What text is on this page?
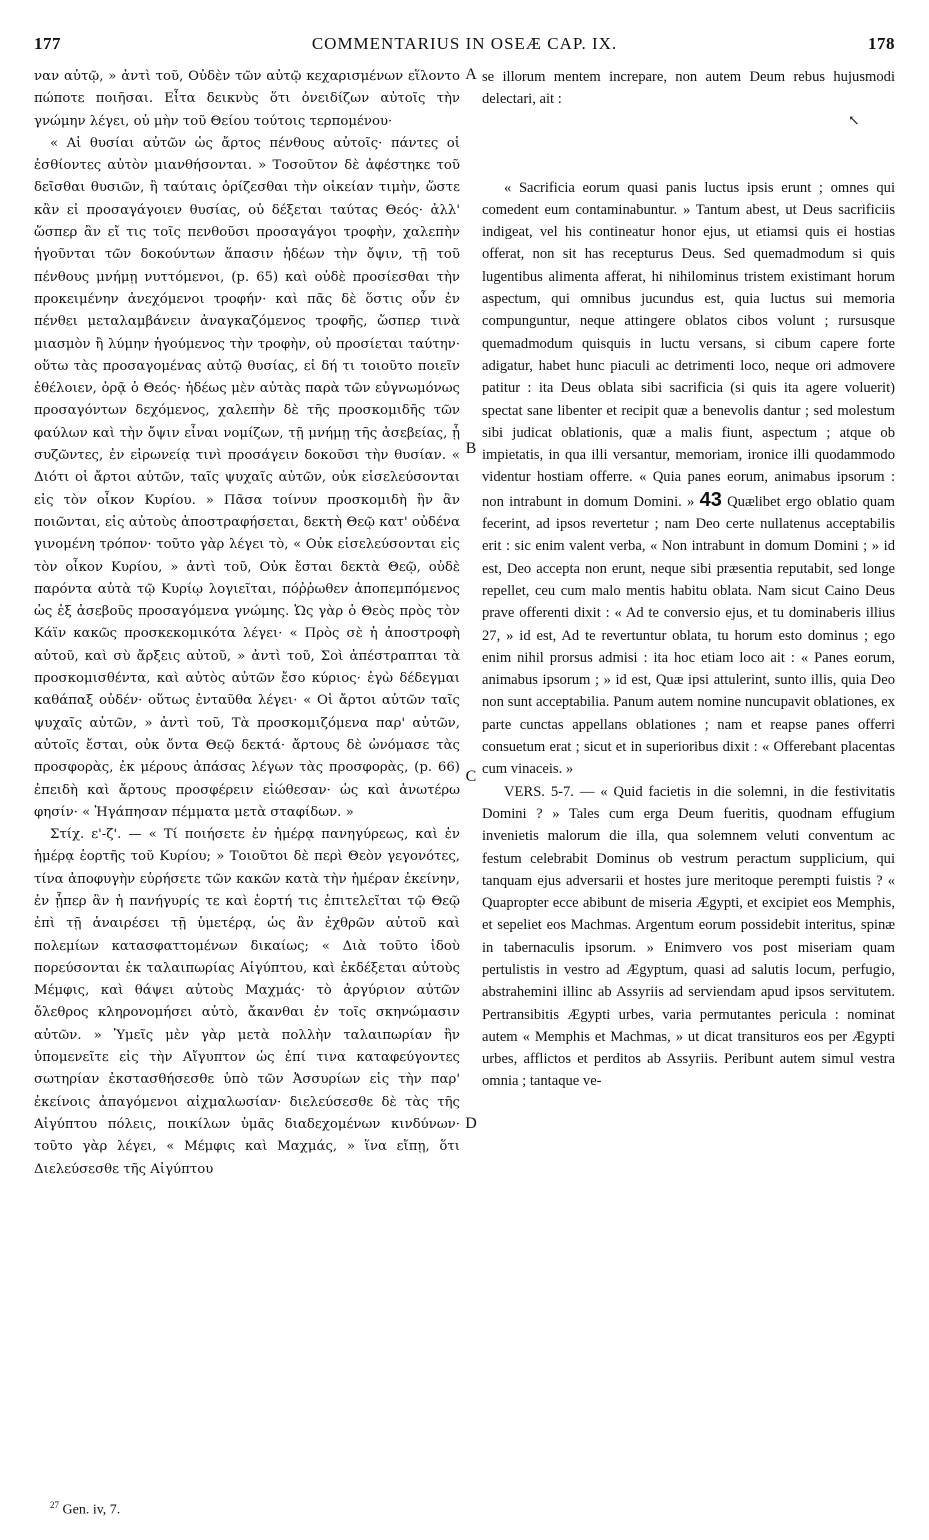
177	COMMENTARIUS IN OSEÆ CAP. IX.	178

ναν αὐτῷ, » ἀντὶ τοῦ, Οὐδὲν τῶν αὐτῷ κεχαρισμένων εἵλοντο πώποτε ποιῆσαι. Εἶτα δεικνὺς ὅτι ὀνειδίζων αὐτοῖς τὴν γνώμην λέγει, οὐ μὴν τοῦ Θείου τούτοις τερπομένου·

« Αἱ θυσίαι αὐτῶν ὡς ἄρτος πένθους αὐτοῖς· πάντες οἱ ἐσθίοντες αὐτὸν μιανθήσονται. » Τοσοῦτον δὲ ἀφέστηκε τοῦ δεῖσθαι θυσιῶν, ἢ ταύταις ὁρίζεσθαι τὴν οἰκείαν τιμὴν, ὥστε κἂν εἰ προσαγάγοιεν θυσίας, οὐ δέξεται ταύτας Θεός· ἀλλ' ὥσπερ ἂν εἴ τις τοῖς πενθοῦσι προσαγάγοι τροφὴν, χαλεπὴν ἡγοῦνται τῶν δοκούντων ἅπασιν ἡδέων τὴν ὄψιν, τῇ τοῦ πένθους μνήμῃ νυττόμενοι, (p. 65) καὶ οὐδὲ προσίεσθαι τὴν προκειμένην ἀνεχόμενοι τροφήν· καὶ πᾶς δὲ ὅστις οὖν ἐν πένθει μεταλαμβάνειν ἀναγκαζόμενος τροφῆς, ὥσπερ τινὰ μιασμὸν ἢ λύμην ἡγούμενος τὴν τροφὴν, οὐ προσίεται ταύτην· οὕτω τὰς προσαγομένας αὐτῷ θυσίας, εἰ δή τι τοιοῦτο ποιεῖν ἐθέλοιεν, ὁρᾷ ὁ Θεός· ἡδέως μὲν αὐτὰς παρὰ τῶν εὐγνωμόνως προσαγόντων δεχόμενος, χαλεπὴν δὲ τῆς προσκομιδῆς τῶν φαύλων καὶ τὴν ὄψιν εἶναι νομίζων, τῇ μνήμῃ τῆς ἀσεβείας, ᾗ συζῶντες, ἐν εἰρωνείᾳ τινὶ προσάγειν δοκοῦσι τὴν θυσίαν. « Διότι οἱ ἄρτοι αὐτῶν, ταῖς ψυχαῖς αὐτῶν, οὐκ εἰσελεύσονται εἰς τὸν οἶκον Κυρίου. » Πᾶσα τοίνυν προσκομιδὴ ἣν ἂν ποιῶνται, εἰς αὐτοὺς ἀποστραφήσεται, δεκτὴ Θεῷ κατ' οὐδένα γινομένη τρόπον· τοῦτο γὰρ λέγει τὸ, « Οὐκ εἰσελεύσονται εἰς τὸν οἶκον Κυρίου, » ἀντὶ τοῦ, Οὐκ ἔσται δεκτὰ Θεῷ, οὐδὲ παρόντα αὐτὰ τῷ Κυρίῳ λογιεῖται, πόῤῥωθεν ἀποπεμπόμενος ὡς ἐξ ἀσεβοῦς προσαγόμενα γνώμης. Ὡς γὰρ ὁ Θεὸς πρὸς τὸν Κάϊν κακῶς προσκεκομικότα λέγει· « Πρὸς σὲ ἡ ἀποστροφὴ αὐτοῦ, καὶ σὺ ἄρξεις αὐτοῦ, » ἀντὶ τοῦ, Σοὶ ἀπέστραπται τὰ προσκομισθέντα, καὶ αὐτὸς αὐτῶν ἔσο κύριος· ἐγὼ δέδεγμαι καθάπαξ οὐδέν· οὕτως ἐνταῦθα λέγει· « Οἱ ἄρτοι αὐτῶν ταῖς ψυχαῖς αὐτῶν, » ἀντὶ τοῦ, Τὰ προσκομιζόμενα παρ' αὐτῶν, αὐτοῖς ἔσται, οὐκ ὄντα Θεῷ δεκτά· ἄρτους δὲ ὠνόμασε τὰς προσφορὰς, ἐκ μέρους ἁπάσας λέγων τὰς προσφορὰς, (p. 66) ἐπειδὴ καὶ ἄρτους προσφέρειν εἰώθεσαν· ὡς καὶ ἀνωτέρω φησίν· « Ἠγάπησαν πέμματα μετὰ σταφίδων. »

Στίχ. ε'-ζ'. — « Τί ποιήσετε ἐν ἡμέρᾳ πανηγύρεως, καὶ ἐν ἡμέρᾳ ἑορτῆς τοῦ Κυρίου; » Τοιοῦτοι δὲ περὶ Θεὸν γεγονότες, τίνα ἀποφυγὴν εὑρήσετε τῶν κακῶν κατὰ τὴν ἡμέραν ἐκείνην, ἐν ᾗπερ ἂν ἡ πανήγυρίς τε καὶ ἑορτή τις ἐπιτελεῖται τῷ Θεῷ ἐπὶ τῇ ἀναιρέσει τῇ ὑμετέρᾳ, ὡς ἂν ἐχθρῶν αὐτοῦ καὶ πολεμίων κατασφαττομένων δικαίως; « Διὰ τοῦτο ἰδοὺ πορεύσονται ἐκ ταλαιπωρίας Αἰγύπτου, καὶ ἐκδέξεται αὐτοὺς Μέμφις, καὶ θάψει αὐτοὺς Μαχμάς· τὸ ἀργύριον αὐτῶν ὄλεθρος κληρονομήσει αὐτὸ, ἄκανθαι ἐν τοῖς σκηνώμασιν αὐτῶν. » Ὑμεῖς μὲν γὰρ μετὰ πολλὴν ταλαιπωρίαν ἣν ὑπομενεῖτε εἰς τὴν Αἴγυπτον ὡς ἐπί τινα καταφεύγοντες σωτηρίαν ἐκστασθήσεσθε ὑπὸ τῶν Ἀσσυρίων εἰς τὴν παρ' ἐκείνοις ἀπαγόμενοι αἰχμαλωσίαν· διελεύσεσθε δὲ τὰς τῆς Αἰγύπτου πόλεις, ποικίλων ὑμᾶς διαδεχομένων κινδύνων· τοῦτο γὰρ λέγει, « Μέμφις καὶ Μαχμάς, » ἵνα εἴπῃ, ὅτι Διελεύσεσθε τῆς Αἰγύπτου

A
B
C
D

se illorum mentem increpare, non autem Deum rebus hujusmodi delectari, ait :

« Sacrificia eorum quasi panis luctus ipsis erunt ; omnes qui comedent eum contaminabuntur. » Tantum abest, ut Deus sacrificiis indigeat, vel his contineatur honor ejus, ut etiamsi quis ei hostias offerat, non sit has recepturus Deus. Sed quemadmodum si quis lugentibus alimenta afferat, hi nihilominus tristem existimant horum aspectum, qui omnibus jucundus est, quia luctus sui memoria compunguntur, neque attingere oblatos cibos volunt ; rursusque quemadmodum quisquis in luctu versans, si cibum capere forte adigatur, habet hunc piaculi ac detrimenti loco, neque ori admovere patitur : ita Deus oblata sibi sacrificia (si quis ita agere voluerit) spectat sane libenter et recipit quæ a benevolis dantur ; sed molestum sibi judicat oblationis, quæ a malis fiunt, aspectum ; atque ob impietatis, in qua illi versantur, memoriam, ironice illi quodammodo videntur hostiam offerre. « Quia panes eorum, animabus ipsorum : non intrabunt in domum Domini. » 43 Quælibet ergo oblatio quam fecerint, ad ipsos revertetur ; nam Deo certe nullatenus acceptabilis erit : sic enim valent verba, « Non intrabunt in domum Domini ; » id est, Deo accepta non erunt, neque sibi præsentia reputabit, sed longe repellet, ceu cum malo mentis habitu oblata. Nam sicut Caino Deus prave offerenti dixit : « Ad te conversio ejus, et tu dominaberis illius 27, » id est, Ad te revertuntur oblata, tu horum esto dominus ; ego enim nihil prorsus admisi : ita hoc etiam loco ait : « Panes eorum, animabus ipsorum ; » id est, Quæ ipsi attulerint, sunto illis, quia Deo non sunt acceptabilia. Panum autem nomine nuncupavit oblationes, ex parte cunctas appellans oblationes ; nam et reapse panes offerri consuetum erat ; sicut et in superioribus dixit : « Offerebant placentas cum vinaceis. »

VERS. 5-7. — « Quid facietis in die solemni, in die festivitatis Domini ? » Tales cum erga Deum fueritis, quodnam effugium invenietis malorum die illa, qua solemnem veluti conventum ac festum celebrabit Dominus ob vestrum peractum supplicium, qui tanquam ejus adversarii et hostes jure meritoque perempti fuistis ? « Quapropter ecce abibunt de miseria Ægypti, et excipiet eos Memphis, et sepeliet eos Machmas. Argentum eorum possidebit interitus, spinæ in tabernaculis ipsorum. » Enimvero vos post miseriam quam pertulistis in vestro ad Ægyptum, quasi ad salutis locum, perfugio, abstrahemini illinc ab Assyriis ad serviendam apud ipsos servitutem. Pertransibitis Ægypti urbes, varia permutantes pericula : nominat autem « Memphis et Machmas, » ut dicat transituros eos per Ægypti urbes, afflictos et perditos ab Assyriis. Peribunt autem simul vestra omnia ; tantaque ve-

↖
$^{27}$ Gen. iv, 7.
